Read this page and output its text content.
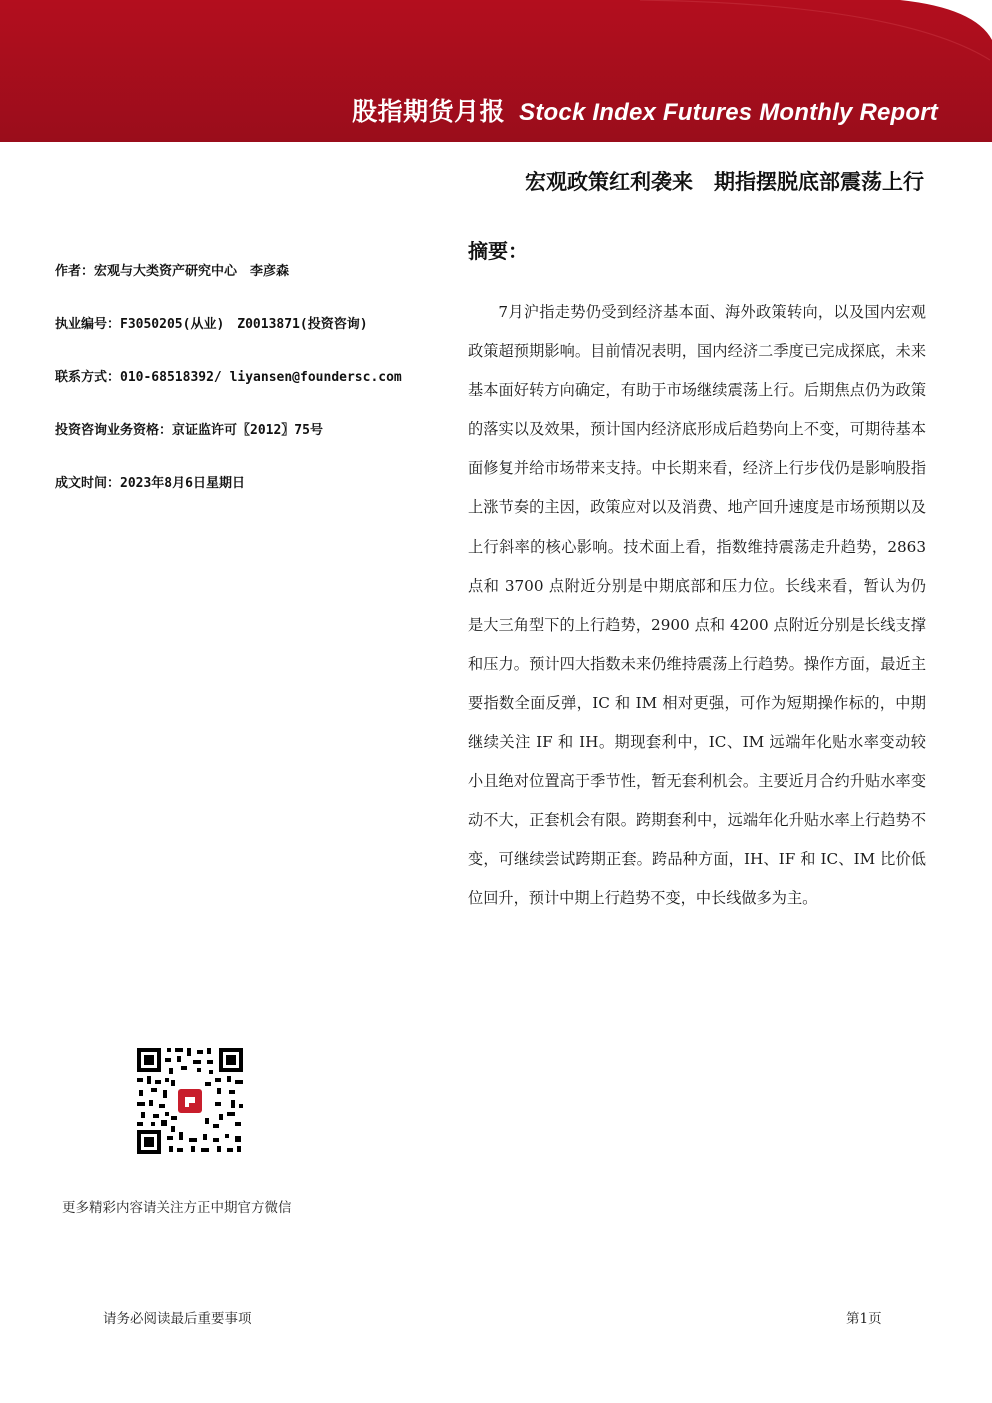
股指期货月报 Stock Index Futures Monthly Report
宏观政策红利袭来　期指摆脱底部震荡上行
摘要：
7月沪指走势仍受到经济基本面、海外政策转向，以及国内宏观政策超预期影响。目前情况表明，国内经济二季度已完成探底，未来基本面好转方向确定，有助于市场继续震荡上行。后期焦点仍为政策的落实以及效果，预计国内经济底形成后趋势向上不变，可期待基本面修复并给市场带来支持。中长期来看，经济上行步伐仍是影响股指上涨节奏的主因，政策应对以及消费、地产回升速度是市场预期以及上行斜率的核心影响。技术面上看，指数维持震荡走升趋势，2863 点和 3700 点附近分别是中期底部和压力位。长线来看，暂认为仍是大三角型下的上行趋势，2900 点和 4200 点附近分别是长线支撑和压力。预计四大指数未来仍维持震荡上行趋势。操作方面，最近主要指数全面反弹，IC 和 IM 相对更强，可作为短期操作标的，中期继续关注 IF 和 IH。期现套利中，IC、IM 远端年化贴水率变动较小且绝对位置高于季节性，暂无套利机会。主要近月合约升贴水率变动不大，正套机会有限。跨期套利中，远端年化升贴水率上行趋势不变，可继续尝试跨期正套。跨品种方面，IH、IF 和 IC、IM 比价低位回升，预计中期上行趋势不变，中长线做多为主。
作者：宏观与大类资产研究中心　李彦森
执业编号：F3050205(从业)　Z0013871(投资咨询)
联系方式：010-68518392/ liyansen@foundersc.com
投资咨询业务资格：京证监许可〖2012〗75号
成文时间：2023年8月6日星期日
更多精彩内容请关注方正中期官方微信
请务必阅读最后重要事项	第1页
